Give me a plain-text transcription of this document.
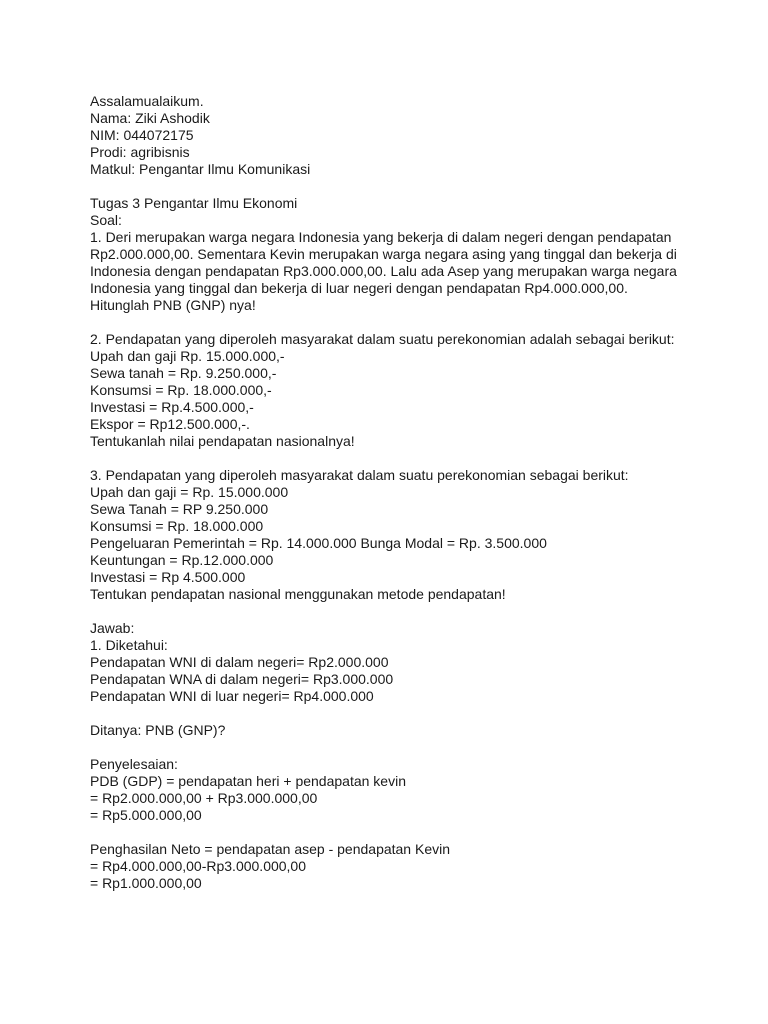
Assalamualaikum.
Nama: Ziki Ashodik
NIM: 044072175
Prodi: agribisnis
Matkul: Pengantar Ilmu Komunikasi
Tugas 3 Pengantar Ilmu Ekonomi
Soal:
1. Deri merupakan warga negara Indonesia yang bekerja di dalam negeri dengan pendapatan
Rp2.000.000,00. Sementara Kevin merupakan warga negara asing yang tinggal dan bekerja di
Indonesia dengan pendapatan Rp3.000.000,00. Lalu ada Asep yang merupakan warga negara
Indonesia yang tinggal dan bekerja di luar negeri dengan pendapatan Rp4.000.000,00.
Hitunglah PNB (GNP) nya!
2. Pendapatan yang diperoleh masyarakat dalam suatu perekonomian adalah sebagai berikut:
Upah dan gaji Rp. 15.000.000,-
Sewa tanah = Rp. 9.250.000,-
Konsumsi = Rp. 18.000.000,-
Investasi = Rp.4.500.000,-
Ekspor = Rp12.500.000,-.
Tentukanlah nilai pendapatan nasionalnya!
3. Pendapatan yang diperoleh masyarakat dalam suatu perekonomian sebagai berikut:
Upah dan gaji = Rp. 15.000.000
Sewa Tanah = RP 9.250.000
Konsumsi = Rp. 18.000.000
Pengeluaran Pemerintah = Rp. 14.000.000 Bunga Modal = Rp. 3.500.000
Keuntungan = Rp.12.000.000
Investasi = Rp 4.500.000
Tentukan pendapatan nasional menggunakan metode pendapatan!
Jawab:
1. Diketahui:
Pendapatan WNI di dalam negeri= Rp2.000.000
Pendapatan WNA di dalam negeri= Rp3.000.000
Pendapatan WNI di luar negeri= Rp4.000.000
Ditanya: PNB (GNP)?
Penyelesaian:
PDB (GDP) = pendapatan heri + pendapatan kevin
= Rp2.000.000,00 + Rp3.000.000,00
= Rp5.000.000,00
Penghasilan Neto = pendapatan asep - pendapatan Kevin
= Rp4.000.000,00-Rp3.000.000,00
= Rp1.000.000,00
